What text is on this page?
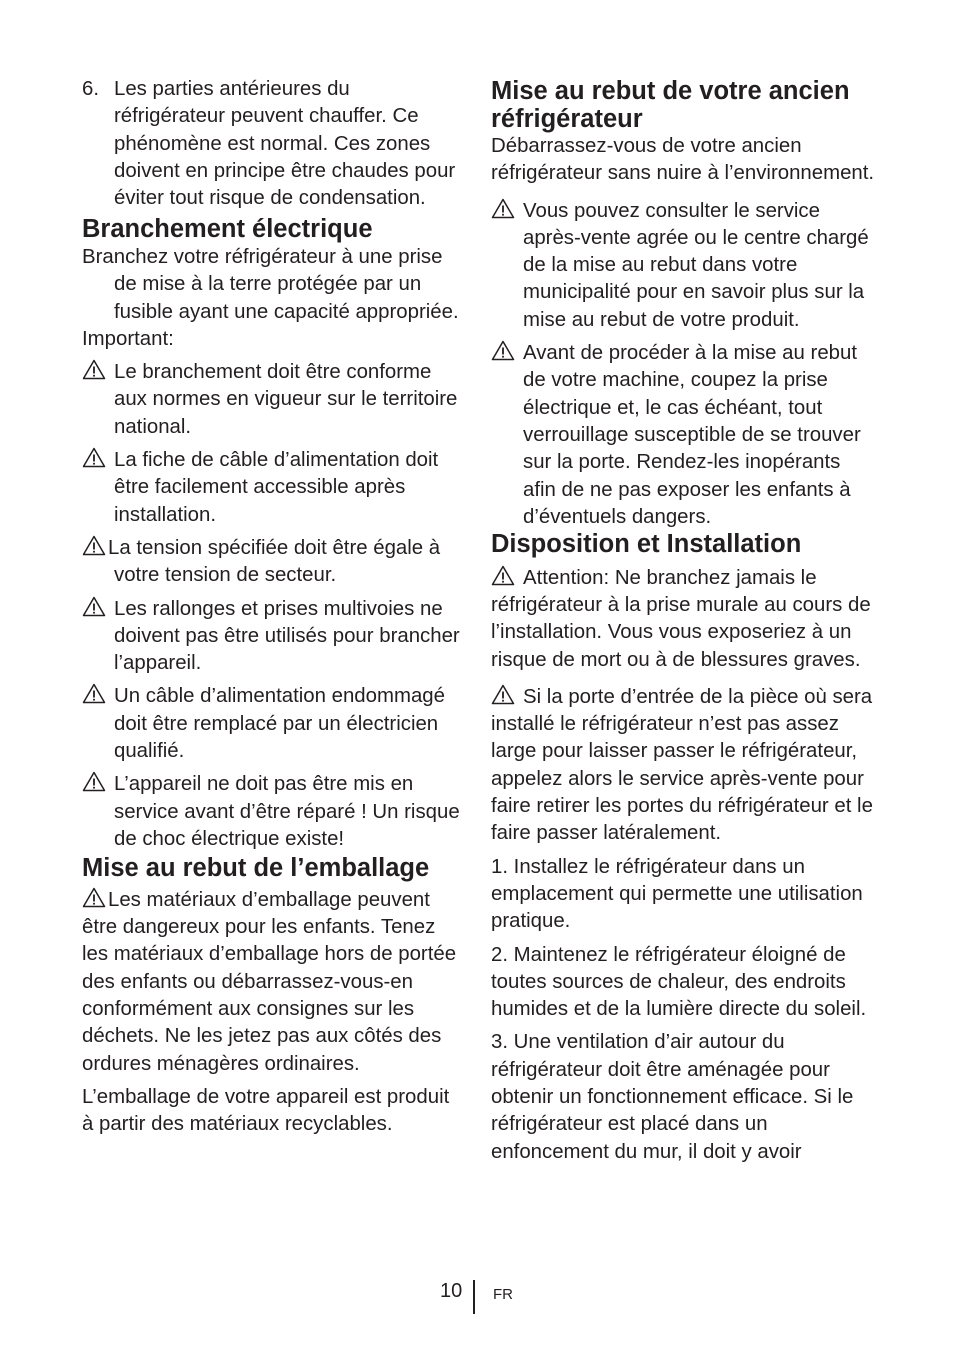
6. Les parties antérieures du réfrigérateur peuvent chauffer. Ce phénomène est normal. Ces zones doivent en principe être chaudes pour éviter tout risque de condensation.

Branchement électrique

Branchez votre réfrigérateur à une prise de mise à la terre protégée par un fusible ayant une capacité appropriée.

Important:

Le branchement doit être conforme aux normes en vigueur sur le territoire national.

La fiche de câble d’alimentation doit être facilement accessible après installation.

La tension spécifiée doit être égale à votre tension de secteur.

Les rallonges et prises multivoies ne doivent pas être utilisés pour brancher l’appareil.

Un câble d’alimentation endommagé doit être remplacé par un électricien qualifié.

L’appareil ne doit pas être mis en service avant d’être réparé ! Un risque de choc électrique existe!

Mise au rebut de l’emballage

Les matériaux d’emballage peuvent être dangereux pour les enfants. Tenez les matériaux d’emballage hors de portée des enfants ou débarrassez-vous-en conformément aux consignes sur les déchets. Ne les jetez pas aux côtés des ordures ménagères ordinaires.

L’emballage de votre appareil est produit à partir des matériaux recyclables.

Mise au rebut de votre ancien réfrigérateur

Débarrassez-vous de votre ancien réfrigérateur sans nuire à l’environnement.

Vous pouvez consulter le service après-vente agrée ou le centre chargé de la mise au rebut dans votre municipalité pour en savoir plus sur la mise au rebut de votre produit.

Avant de procéder à la mise au rebut de votre machine, coupez la prise électrique et, le cas échéant, tout verrouillage susceptible de se trouver sur la porte. Rendez-les inopérants afin de ne pas exposer les enfants à d’éventuels dangers.

Disposition et Installation

Attention: Ne branchez jamais le réfrigérateur à la prise murale au cours de l’installation. Vous vous exposeriez à un risque de mort ou à de blessures graves.

Si la porte d’entrée de la pièce où sera installé le réfrigérateur n’est pas assez large pour laisser passer le réfrigérateur, appelez alors le service après-vente pour faire retirer les portes du réfrigérateur et le faire passer latéralement.

1. Installez le réfrigérateur dans un emplacement qui permette une utilisation pratique.

2. Maintenez le réfrigérateur éloigné de toutes sources de chaleur, des endroits humides et de la lumière directe du soleil.

3. Une ventilation d’air autour du réfrigérateur doit être aménagée pour obtenir un fonctionnement efficace. Si le réfrigérateur est placé dans un enfoncement du mur, il doit y avoir

10 FR
